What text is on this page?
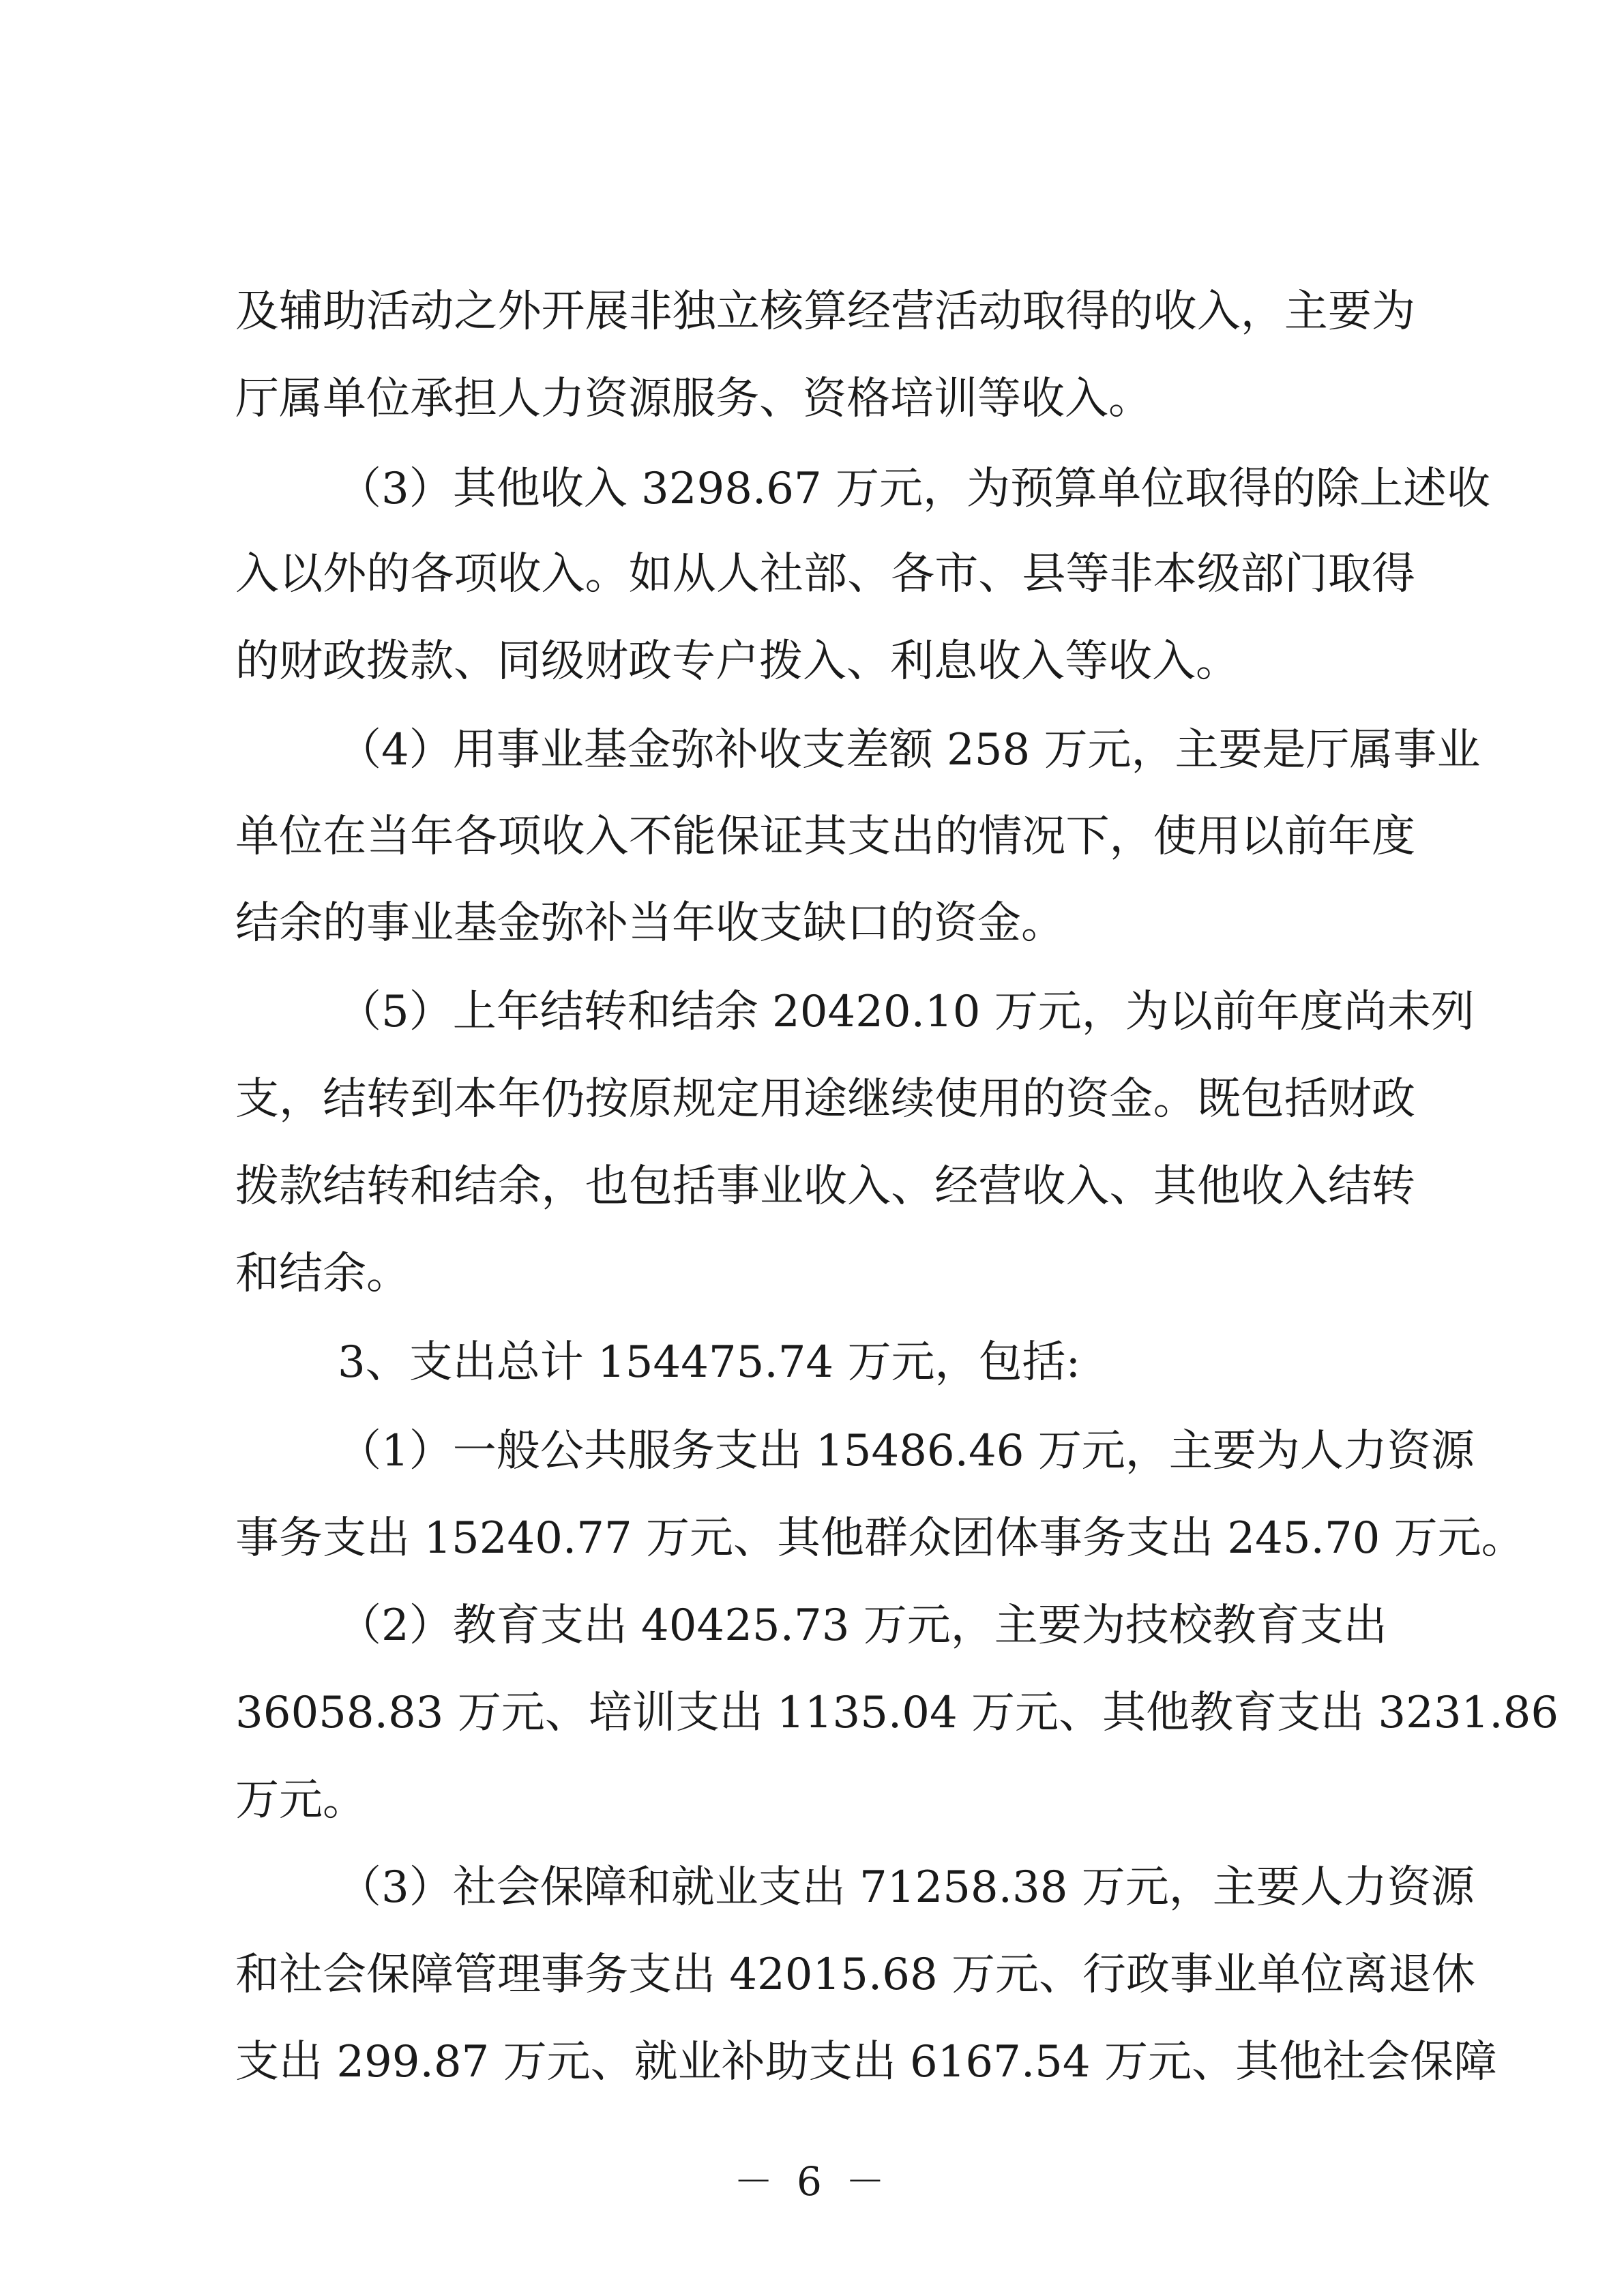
及辅助活动之外开展非独立核算经营活动取得的收入，主要为
厅属单位承担人力资源服务、资格培训等收入。
（3）其他收入 3298.67 万元，为预算单位取得的除上述收
入以外的各项收入。如从人社部、各市、县等非本级部门取得
的财政拨款、同级财政专户拨入、利息收入等收入。
（4）用事业基金弥补收支差额 258 万元，主要是厅属事业
单位在当年各项收入不能保证其支出的情况下，使用以前年度
结余的事业基金弥补当年收支缺口的资金。
（5）上年结转和结余 20420.10 万元，为以前年度尚未列
支，结转到本年仍按原规定用途继续使用的资金。既包括财政
拨款结转和结余，也包括事业收入、经营收入、其他收入结转
和结余。
3、支出总计 154475.74 万元，包括:
（1）一般公共服务支出 15486.46 万元，主要为人力资源
事务支出 15240.77 万元、其他群众团体事务支出 245.70 万元。
（2）教育支出 40425.73 万元，主要为技校教育支出
36058.83 万元、培训支出 1135.04 万元、其他教育支出 3231.86
万元。
（3）社会保障和就业支出 71258.38 万元，主要人力资源
和社会保障管理事务支出 42015.68 万元、行政事业单位离退休
支出 299.87 万元、就业补助支出 6167.54 万元、其他社会保障
－ 6 －
